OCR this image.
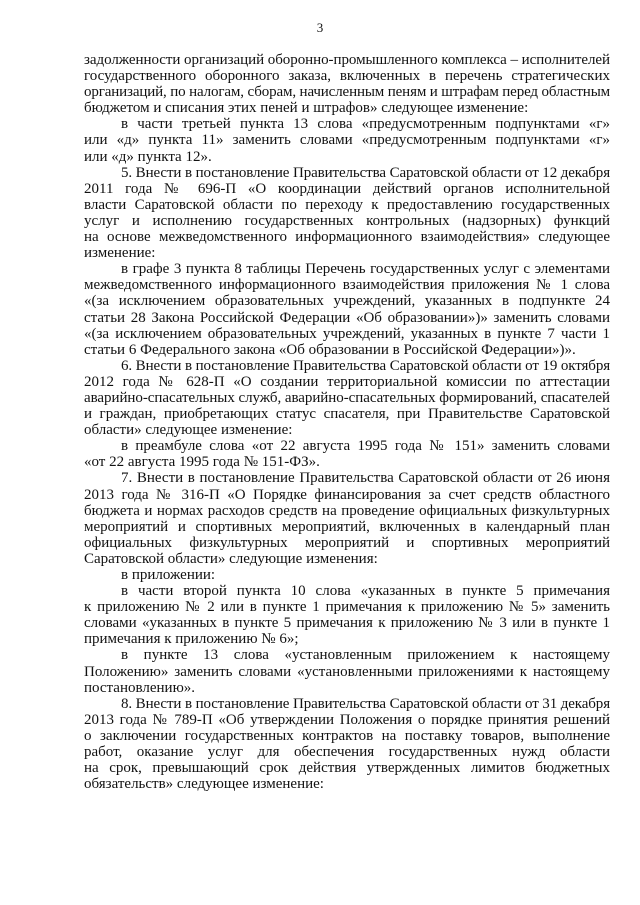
3
задолженности организаций оборонно-промышленного комплекса – исполнителей
государственного оборонного заказа, включенных в перечень стратегических
организаций, по налогам, сборам, начисленным пеням и штрафам перед областным
бюджетом и списания этих пеней и штрафов» следующее изменение:
в части третьей пункта 13 слова «предусмотренным подпунктами «г»
или «д» пункта 11» заменить словами «предусмотренным подпунктами «г»
или «д» пункта 12».
5. Внести в постановление Правительства Саратовской области от 12 декабря
2011 года № 696-П «О координации действий органов исполнительной
власти Саратовской области по переходу к предоставлению государственных
услуг и исполнению государственных контрольных (надзорных) функций
на основе межведомственного информационного взаимодействия» следующее
изменение:
в графе 3 пункта 8 таблицы Перечень государственных услуг с элементами
межведомственного информационного взаимодействия приложения № 1 слова
«(за исключением образовательных учреждений, указанных в подпункте 24
статьи 28 Закона Российской Федерации «Об образовании»)» заменить словами
«(за исключением образовательных учреждений, указанных в пункте 7 части 1
статьи 6 Федерального закона «Об образовании в Российской Федерации»)».
6. Внести в постановление Правительства Саратовской области от 19 октября
2012 года № 628-П «О создании территориальной комиссии по аттестации
аварийно-спасательных служб, аварийно-спасательных формирований, спасателей
и граждан, приобретающих статус спасателя, при Правительстве Саратовской
области» следующее изменение:
в преамбуле слова «от 22 августа 1995 года № 151» заменить словами
«от 22 августа 1995 года № 151-ФЗ».
7. Внести в постановление Правительства Саратовской области от 26 июня
2013 года № 316-П «О Порядке финансирования за счет средств областного
бюджета и нормах расходов средств на проведение официальных физкультурных
мероприятий и спортивных мероприятий, включенных в календарный план
официальных физкультурных мероприятий и спортивных мероприятий
Саратовской области» следующие изменения:
в приложении:
в части второй пункта 10 слова «указанных в пункте 5 примечания
к приложению № 2 или в пункте 1 примечания к приложению № 5» заменить
словами «указанных в пункте 5 примечания к приложению № 3 или в пункте 1
примечания к приложению № 6»;
в пункте 13 слова «установленным приложением к настоящему
Положению» заменить словами «установленными приложениями к настоящему
постановлению».
8. Внести в постановление Правительства Саратовской области от 31 декабря
2013 года № 789-П «Об утверждении Положения о порядке принятия решений
о заключении государственных контрактов на поставку товаров, выполнение
работ, оказание услуг для обеспечения государственных нужд области
на срок, превышающий срок действия утвержденных лимитов бюджетных
обязательств» следующее изменение:
